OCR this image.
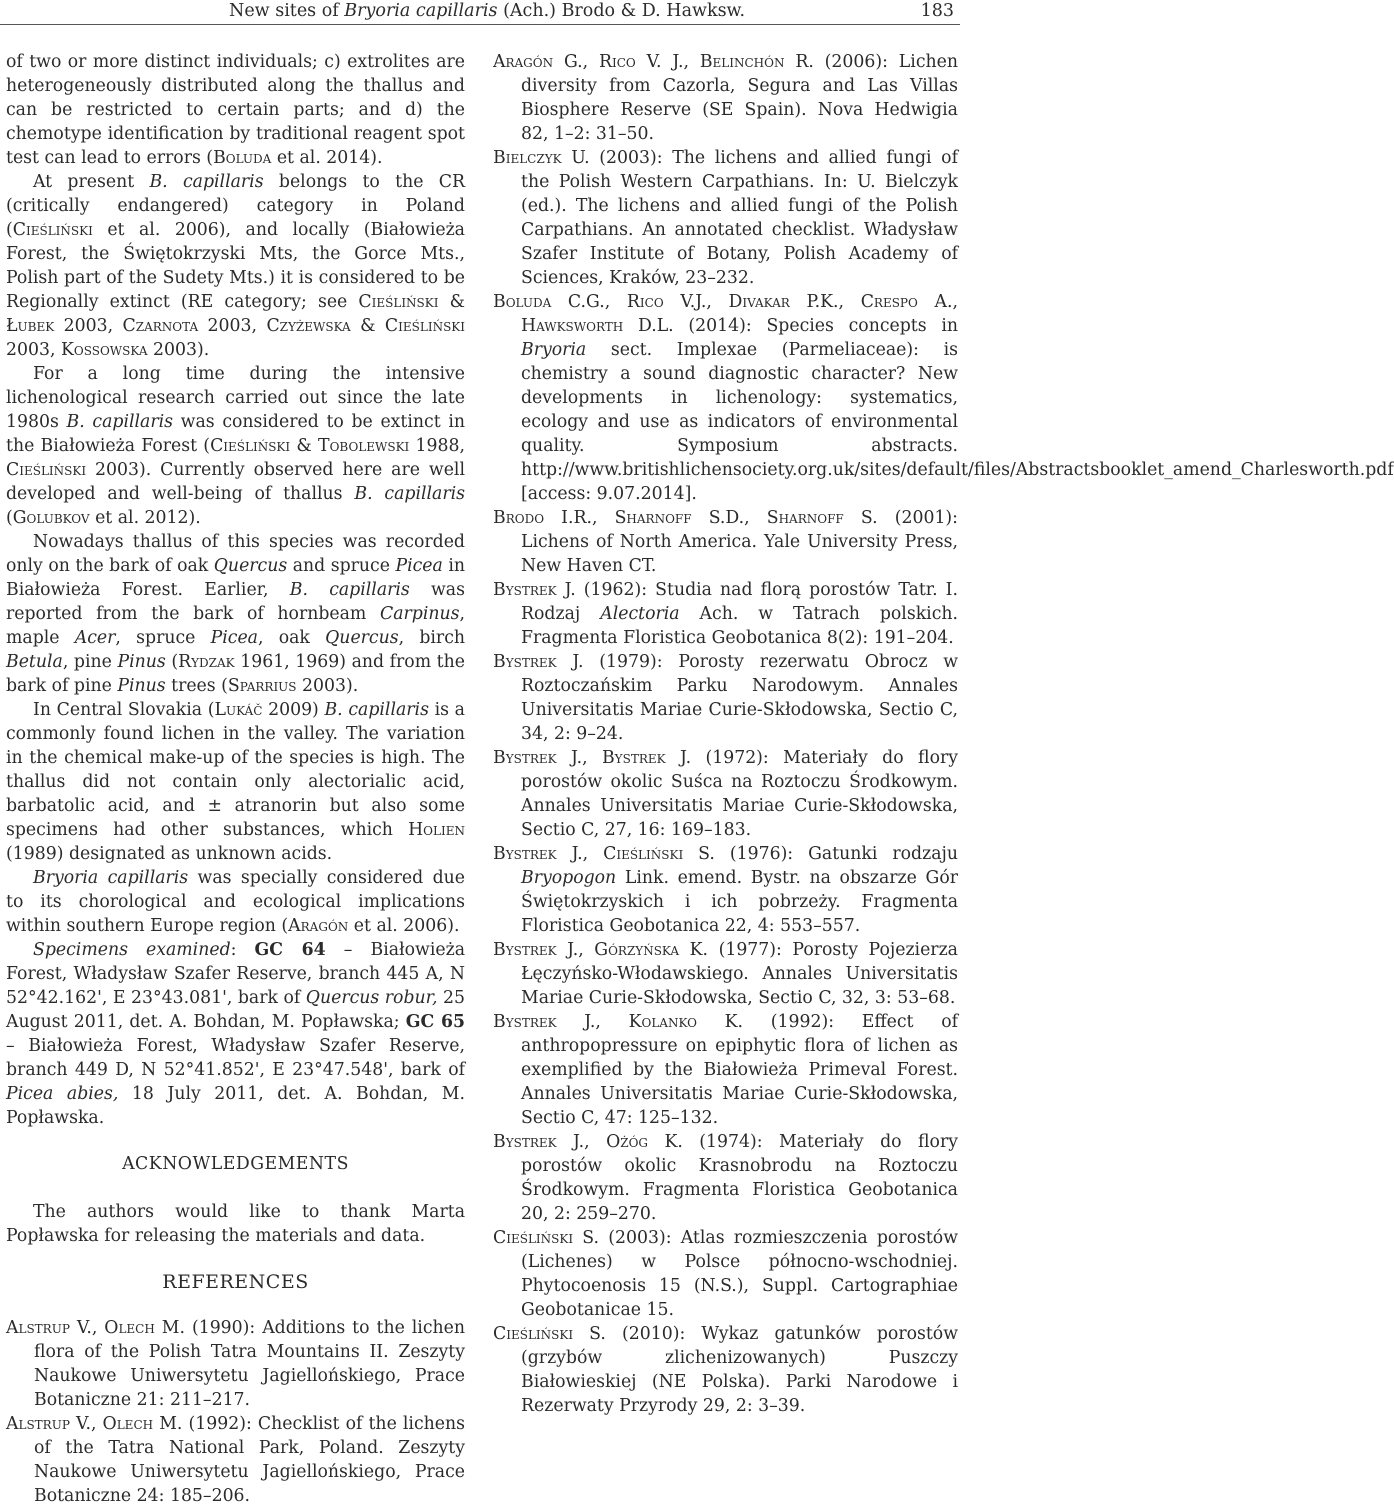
New sites of Bryoria capillaris (Ach.) Brodo & D. Hawksw.	183

of two or more distinct individuals; c) extrolites are heterogeneously distributed along the thallus and can be restricted to certain parts; and d) the chemotype identification by traditional reagent spot test can lead to errors (Boluda et al. 2014).

At present B. capillaris belongs to the CR (critically endangered) category in Poland (Cieśliński et al. 2006), and locally (Białowieża Forest, the Świętokrzyski Mts, the Gorce Mts., Polish part of the Sudety Mts.) it is considered to be Regionally extinct (RE category; see Cieśliński & Łubek 2003, Czarnota 2003, Czyżewska & Cieśliński 2003, Kossowska 2003).

For a long time during the intensive lichenological research carried out since the late 1980s B. capillaris was considered to be extinct in the Białowieża Forest (Cieśliński & Tobolewski 1988, Cieśliński 2003). Currently observed here are well developed and well-being of thallus B. capillaris (Golubkov et al. 2012).

Nowadays thallus of this species was recorded only on the bark of oak Quercus and spruce Picea in Białowieża Forest. Earlier, B. capillaris was reported from the bark of hornbeam Carpinus, maple Acer, spruce Picea, oak Quercus, birch Betula, pine Pinus (Rydzak 1961, 1969) and from the bark of pine Pinus trees (Sparrius 2003).

In Central Slovakia (Lukáč 2009) B. capillaris is a commonly found lichen in the valley. The variation in the chemical make-up of the species is high. The thallus did not contain only alectorialic acid, barbatolic acid, and ± atranorin but also some specimens had other substances, which Holien (1989) designated as unknown acids.

Bryoria capillaris was specially considered due to its chorological and ecological implications within southern Europe region (Aragón et al. 2006).

Specimens examined: GC 64 – Białowieża Forest, Władysław Szafer Reserve, branch 445 A, N 52°42.162', E 23°43.081', bark of Quercus robur, 25 August 2011, det. A. Bohdan, M. Popławska; GC 65 – Białowieża Forest, Władysław Szafer Reserve, branch 449 D, N 52°41.852', E 23°47.548', bark of Picea abies, 18 July 2011, det. A. Bohdan, M. Popławska.

ACKNOWLEDGEMENTS

The authors would like to thank Marta Popławska for releasing the materials and data.

REFERENCES

Alstrup V., Olech M. (1990): Additions to the lichen flora of the Polish Tatra Mountains II. Zeszyty Naukowe Uniwersytetu Jagiellońskiego, Prace Botaniczne 21: 211–217.

Alstrup V., Olech M. (1992): Checklist of the lichens of the Tatra National Park, Poland. Zeszyty Naukowe Uniwersytetu Jagiellońskiego, Prace Botaniczne 24: 185–206.

Aragón G., Rico V. J., Belinchón R. (2006): Lichen diversity from Cazorla, Segura and Las Villas Biosphere Reserve (SE Spain). Nova Hedwigia 82, 1–2: 31–50.

Bielczyk U. (2003): The lichens and allied fungi of the Polish Western Carpathians. In: U. Bielczyk (ed.). The lichens and allied fungi of the Polish Carpathians. An annotated checklist. Władysław Szafer Institute of Botany, Polish Academy of Sciences, Kraków, 23–232.

Boluda C.G., Rico V.J., Divakar P.K., Crespo A., Hawksworth D.L. (2014): Species concepts in Bryoria sect. Implexae (Parmeliaceae): is chemistry a sound diagnostic character? New developments in lichenology: systematics, ecology and use as indicators of environmental quality. Symposium abstracts. http://www.britishlichensociety.org.uk/sites/default/files/Abstractsbooklet_amend_Charlesworth.pdf [access: 9.07.2014].

Brodo I.R., Sharnoff S.D., Sharnoff S. (2001): Lichens of North America. Yale University Press, New Haven CT.

Bystrek J. (1962): Studia nad florą porostów Tatr. I. Rodzaj Alectoria Ach. w Tatrach polskich. Fragmenta Floristica Geobotanica 8(2): 191–204.

Bystrek J. (1979): Porosty rezerwatu Obrocz w Roztoczańskim Parku Narodowym. Annales Universitatis Mariae Curie-Skłodowska, Sectio C, 34, 2: 9–24.

Bystrek J., Bystrek J. (1972): Materiały do flory porostów okolic Suśca na Roztoczu Środkowym. Annales Universitatis Mariae Curie-Skłodowska, Sectio C, 27, 16: 169–183.

Bystrek J., Cieśliński S. (1976): Gatunki rodzaju Bryopogon Link. emend. Bystr. na obszarze Gór Świętokrzyskich i ich pobrzeży. Fragmenta Floristica Geobotanica 22, 4: 553–557.

Bystrek J., Górzyńska K. (1977): Porosty Pojezierza Łęczyńsko-Włodawskiego. Annales Universitatis Mariae Curie-Skłodowska, Sectio C, 32, 3: 53–68.

Bystrek J., Kolanko K. (1992): Effect of anthropopressure on epiphytic flora of lichen as exemplified by the Białowieża Primeval Forest. Annales Universitatis Mariae Curie-Skłodowska, Sectio C, 47: 125–132.

Bystrek J., Ożóg K. (1974): Materiały do flory porostów okolic Krasnobrodu na Roztoczu Środkowym. Fragmenta Floristica Geobotanica 20, 2: 259–270.

Cieśliński S. (2003): Atlas rozmieszczenia porostów (Lichenes) w Polsce północno-wschodniej. Phytocoenosis 15 (N.S.), Suppl. Cartographiae Geobotanicae 15.

Cieśliński S. (2010): Wykaz gatunków porostów (grzybów zlichenizowanych) Puszczy Białowieskiej (NE Polska). Parki Narodowe i Rezerwaty Przyrody 29, 2: 3–39.
